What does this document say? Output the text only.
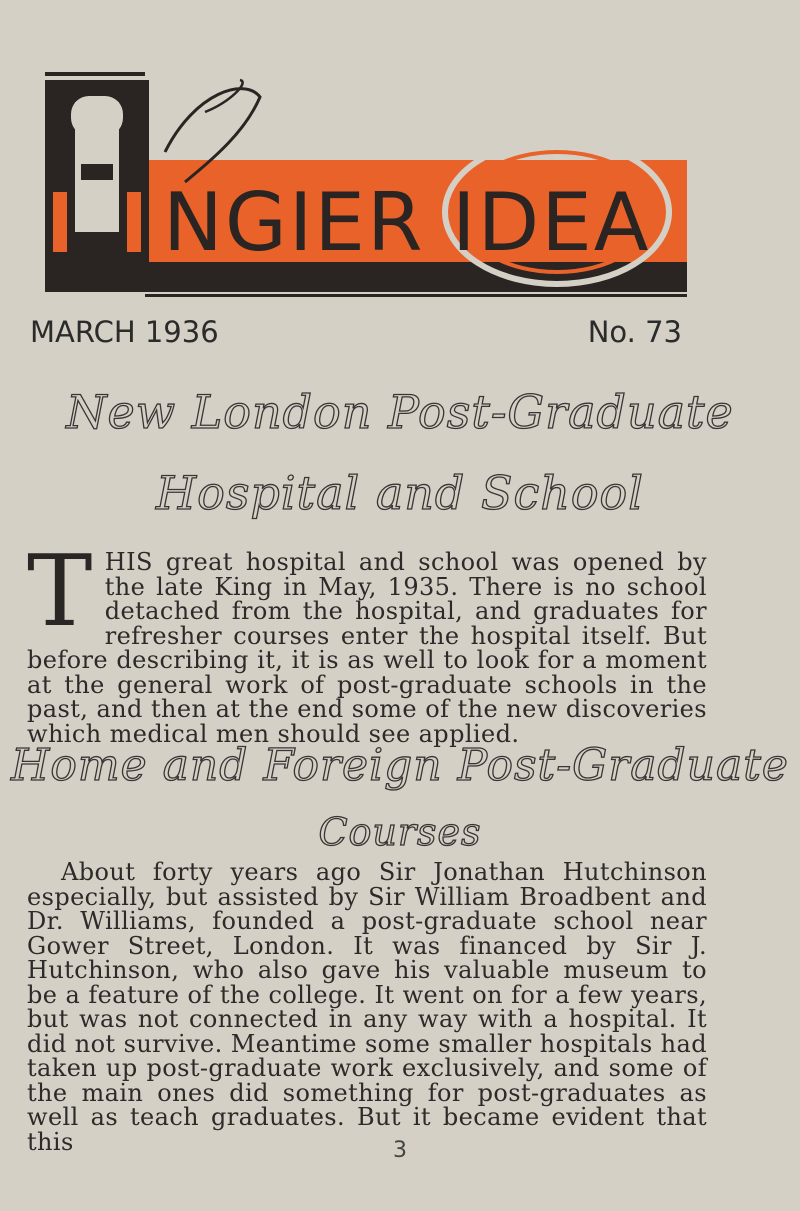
NGIER IDEA
MARCH 1936	No. 73
New London Post-Graduate
Hospital and School
THIS great hospital and school was opened by the late King in May, 1935. There is no school detached from the hospital, and graduates for refresher courses enter the hospital itself. But before describing it, it is as well to look for a moment at the general work of post-graduate schools in the past, and then at the end some of the new discoveries which medical men should see applied.
Home and Foreign Post-Graduate
Courses
About forty years ago Sir Jonathan Hutchinson especially, but assisted by Sir William Broadbent and Dr. Williams, founded a post-graduate school near Gower Street, London. It was financed by Sir J. Hutchinson, who also gave his valuable museum to be a feature of the college. It went on for a few years, but was not connected in any way with a hospital. It did not survive. Meantime some smaller hospitals had taken up post-graduate work exclusively, and some of the main ones did something for post-graduates as well as teach graduates. But it became evident that this	3
